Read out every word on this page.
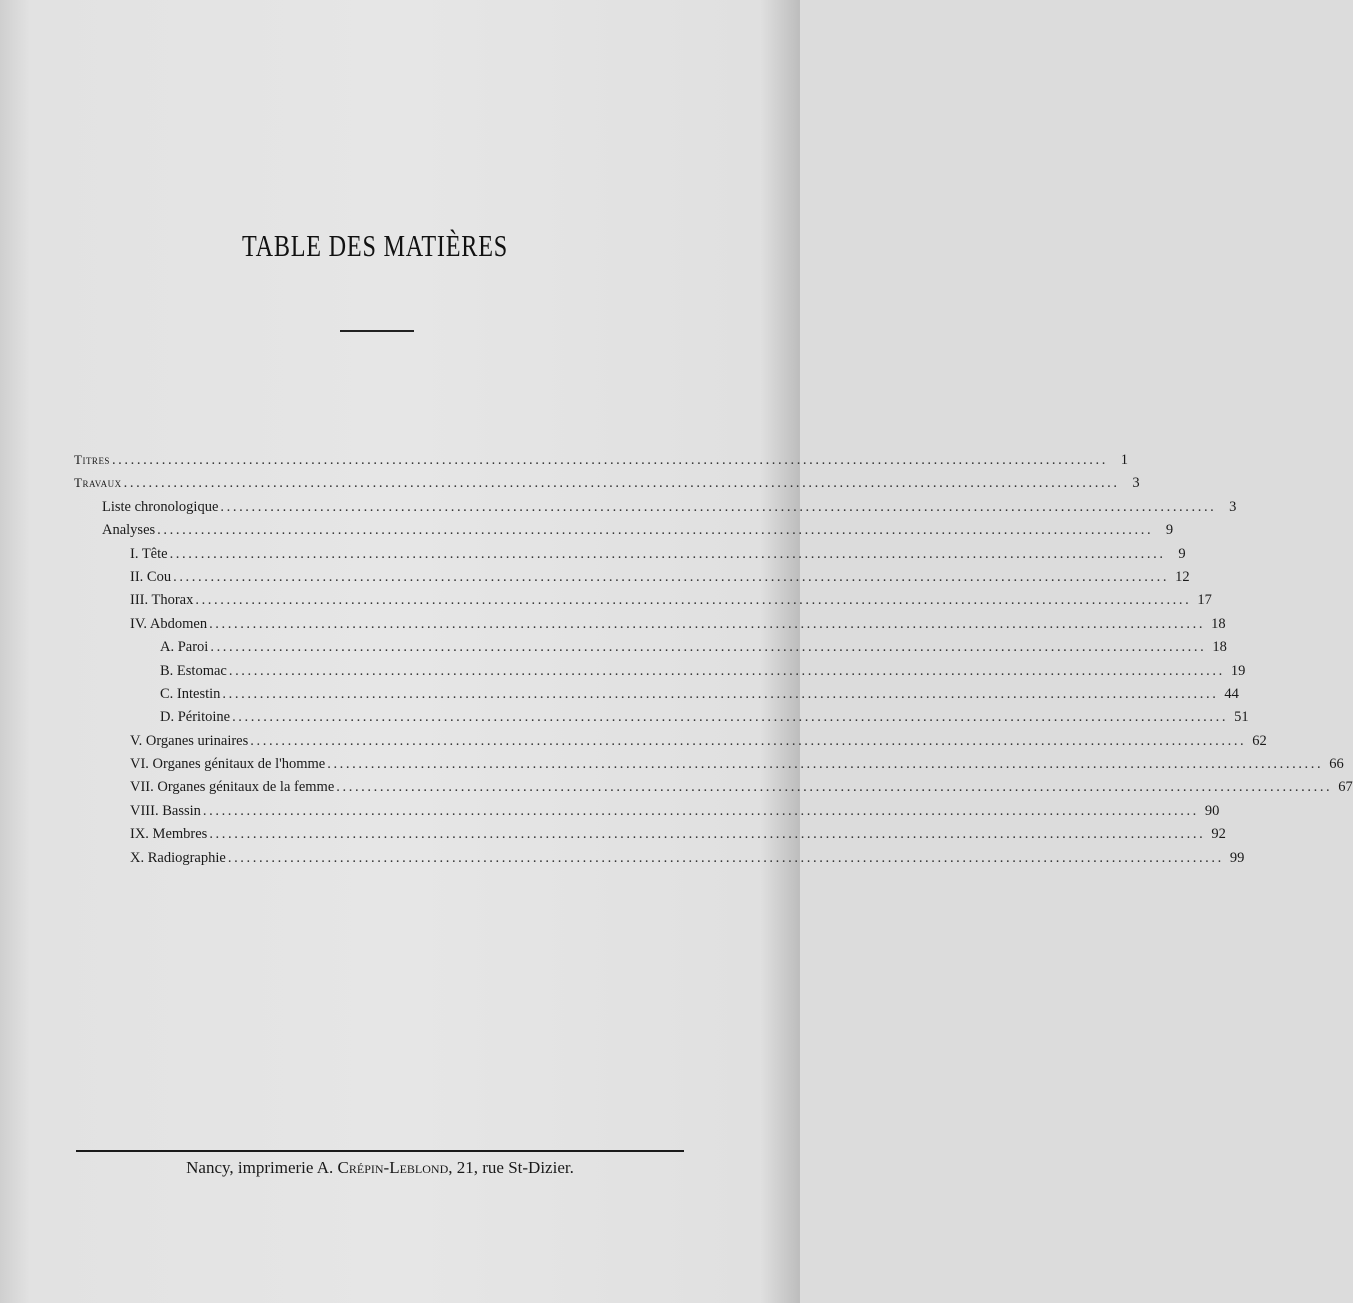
TABLE DES MATIÈRES
Titres ................................................................................................................................................................ 1
Travaux ................................................................................................................................................................ 3
Liste chronologique ................................................................................................................................................................ 3
Analyses ................................................................................................................................................................ 9
I. Tête ................................................................................................................................................................ 9
II. Cou ................................................................................................................................................................ 12
III. Thorax ................................................................................................................................................................ 17
IV. Abdomen ................................................................................................................................................................ 18
A. Paroi ................................................................................................................................................................ 18
B. Estomac ................................................................................................................................................................ 19
C. Intestin ................................................................................................................................................................ 44
D. Péritoine ................................................................................................................................................................ 51
V. Organes urinaires ................................................................................................................................................................ 62
VI. Organes génitaux de l'homme ................................................................................................................................................................ 66
VII. Organes génitaux de la femme ................................................................................................................................................................ 67
VIII. Bassin ................................................................................................................................................................ 90
IX. Membres ................................................................................................................................................................ 92
X. Radiographie ................................................................................................................................................................ 99
Nancy, imprimerie A. Crépin-Leblond, 21, rue St-Dizier.
